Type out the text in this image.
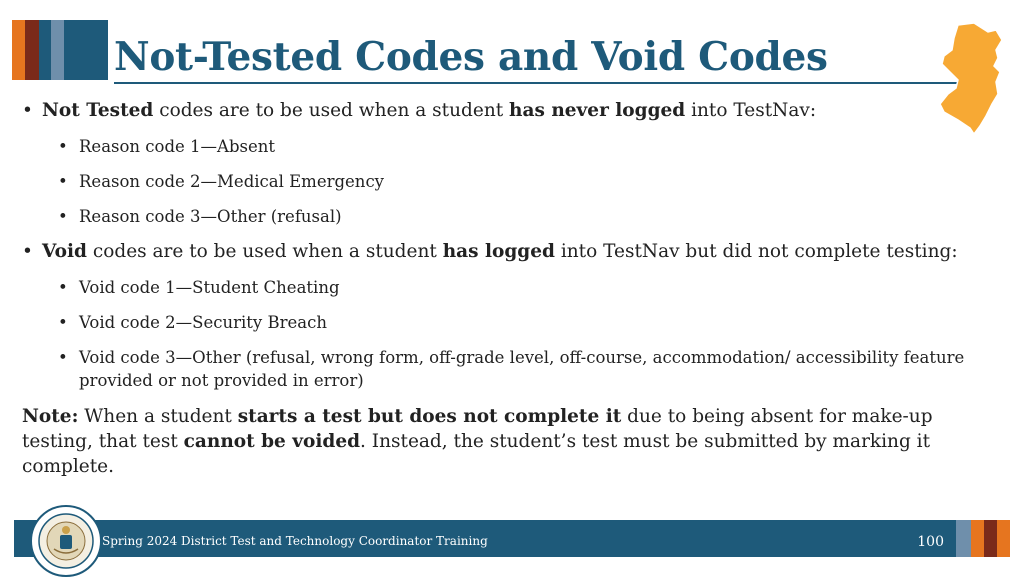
Not-Tested Codes and Void Codes
• Not Tested codes are to be used when a student has never logged into TestNav:
• Reason code 1—Absent
• Reason code 2—Medical Emergency
• Reason code 3—Other (refusal)
• Void codes are to be used when a student has logged into TestNav but did not complete testing:
• Void code 1—Student Cheating
• Void code 2—Security Breach
• Void code 3—Other (refusal, wrong form, off-grade level, off-course, accommodation/ accessibility feature provided or not provided in error)
Note: When a student starts a test but does not complete it due to being absent for make-up testing, that test cannot be voided. Instead, the student’s test must be submitted by marking it complete.
Spring 2024 District Test and Technology Coordinator Training	100
